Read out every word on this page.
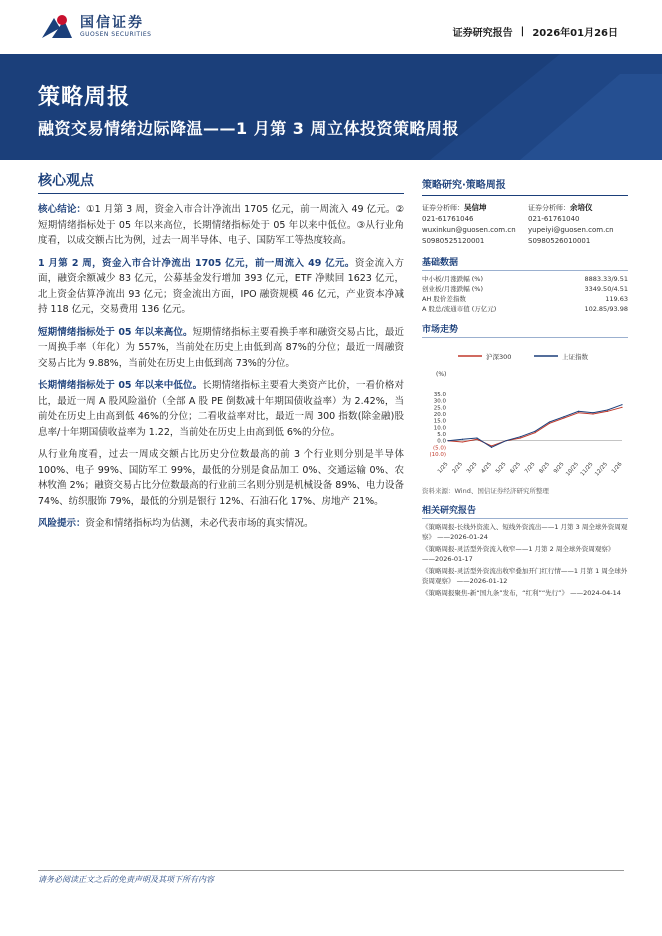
国信证券
GUOSEN SECURITIES	证券研究报告 | 2026年01月26日
策略周报
融资交易情绪边际降温——1 月第 3 周立体投资策略周报
核心观点

核心结论：①1 月第 3 周，资金入市合计净流出 1705 亿元，前一周流入 49 亿元。②短期情绪指标处于 05 年以来高位，长期情绪指标处于 05 年以来中低位。③从行业角度看，以成交额占比为例，过去一周半导体、电子、国防军工等热度较高。

1 月第 2 周，资金入市合计净流出 1705 亿元，前一周流入 49 亿元。资金流入方面，融资余额减少 83 亿元，公募基金发行增加 393 亿元，ETF 净赎回 1623 亿元，北上资金估算净流出 93 亿元；资金流出方面，IPO 融资规模 46 亿元，产业资本净减持 118 亿元，交易费用 136 亿元。

短期情绪指标处于 05 年以来高位。短期情绪指标主要看换手率和融资交易占比，最近一周换手率（年化）为 557%，当前处在历史上由低到高 87%的分位；最近一周融资交易占比为 9.88%，当前处在历史上由低到高 73%的分位。

长期情绪指标处于 05 年以来中低位。长期情绪指标主要看大类资产比价，一看价格对比，最近一周 A 股风险溢价（全部 A 股 PE 倒数减十年期国债收益率）为 2.42%，当前处在历史上由高到低 46%的分位；二看收益率对比，最近一周 300 指数(除金融)股息率/十年期国债收益率为 1.22，当前处在历史上由高到低 6%的分位。

从行业角度看，过去一周成交额占比历史分位数最高的前 3 个行业则分别是半导体 100%、电子 99%、国防军工 99%，最低的分别是食品加工 0%、交通运输 0%、农林牧渔 2%；融资交易占比分位数最高的行业前三名则分别是机械设备 89%、电力设备 74%、纺织服饰 79%，最低的分别是银行 12%、石油石化 17%、房地产 21%。

风险提示：资金和情绪指标均为估测，未必代表市场的真实情况。

策略研究·策略周报
证券分析师：吴信坤
021-61761046
wuxinkun@guosen.com.cn
S0980525120001
证券分析师：余培仪
021-61761040
yupeiyi@guosen.com.cn
S0980526010001
基础数据
中小板/月涨跌幅 (%)	8883.33/9.51
创业板/月涨跌幅 (%)	3349.50/4.51
AH 股价差指数	119.63
A 股总/流通市值 (万亿元)	102.85/93.98
市场走势
沪深300	上证指数
(%)
35.0
30.0
25.0
20.0
15.0
10.0
5.0
0.0
(5.0)
(10.0)
1/25 2/25 3/25 4/25 5/25 6/25 7/25 8/25 9/25 10/25 11/25 12/25 1/26
资料来源：Wind、国信证券经济研究所整理
相关研究报告
《策略周报-长线外资流入、短线外资流出——1 月第 3 周全球外资周观察》 ——2026-01-24
《策略周报-灵活型外资流入收窄——1 月第 2 周全球外资周观察》 ——2026-01-17
《策略周报-灵活型外资流出收窄叠加开门红行情——1 月第 1 周全球外资周观察》 ——2026-01-12
《策略周报聚焦-新“国九条”发布，“红利”“先行”》 ——2024-04-14
请务必阅读正文之后的免责声明及其项下所有内容
